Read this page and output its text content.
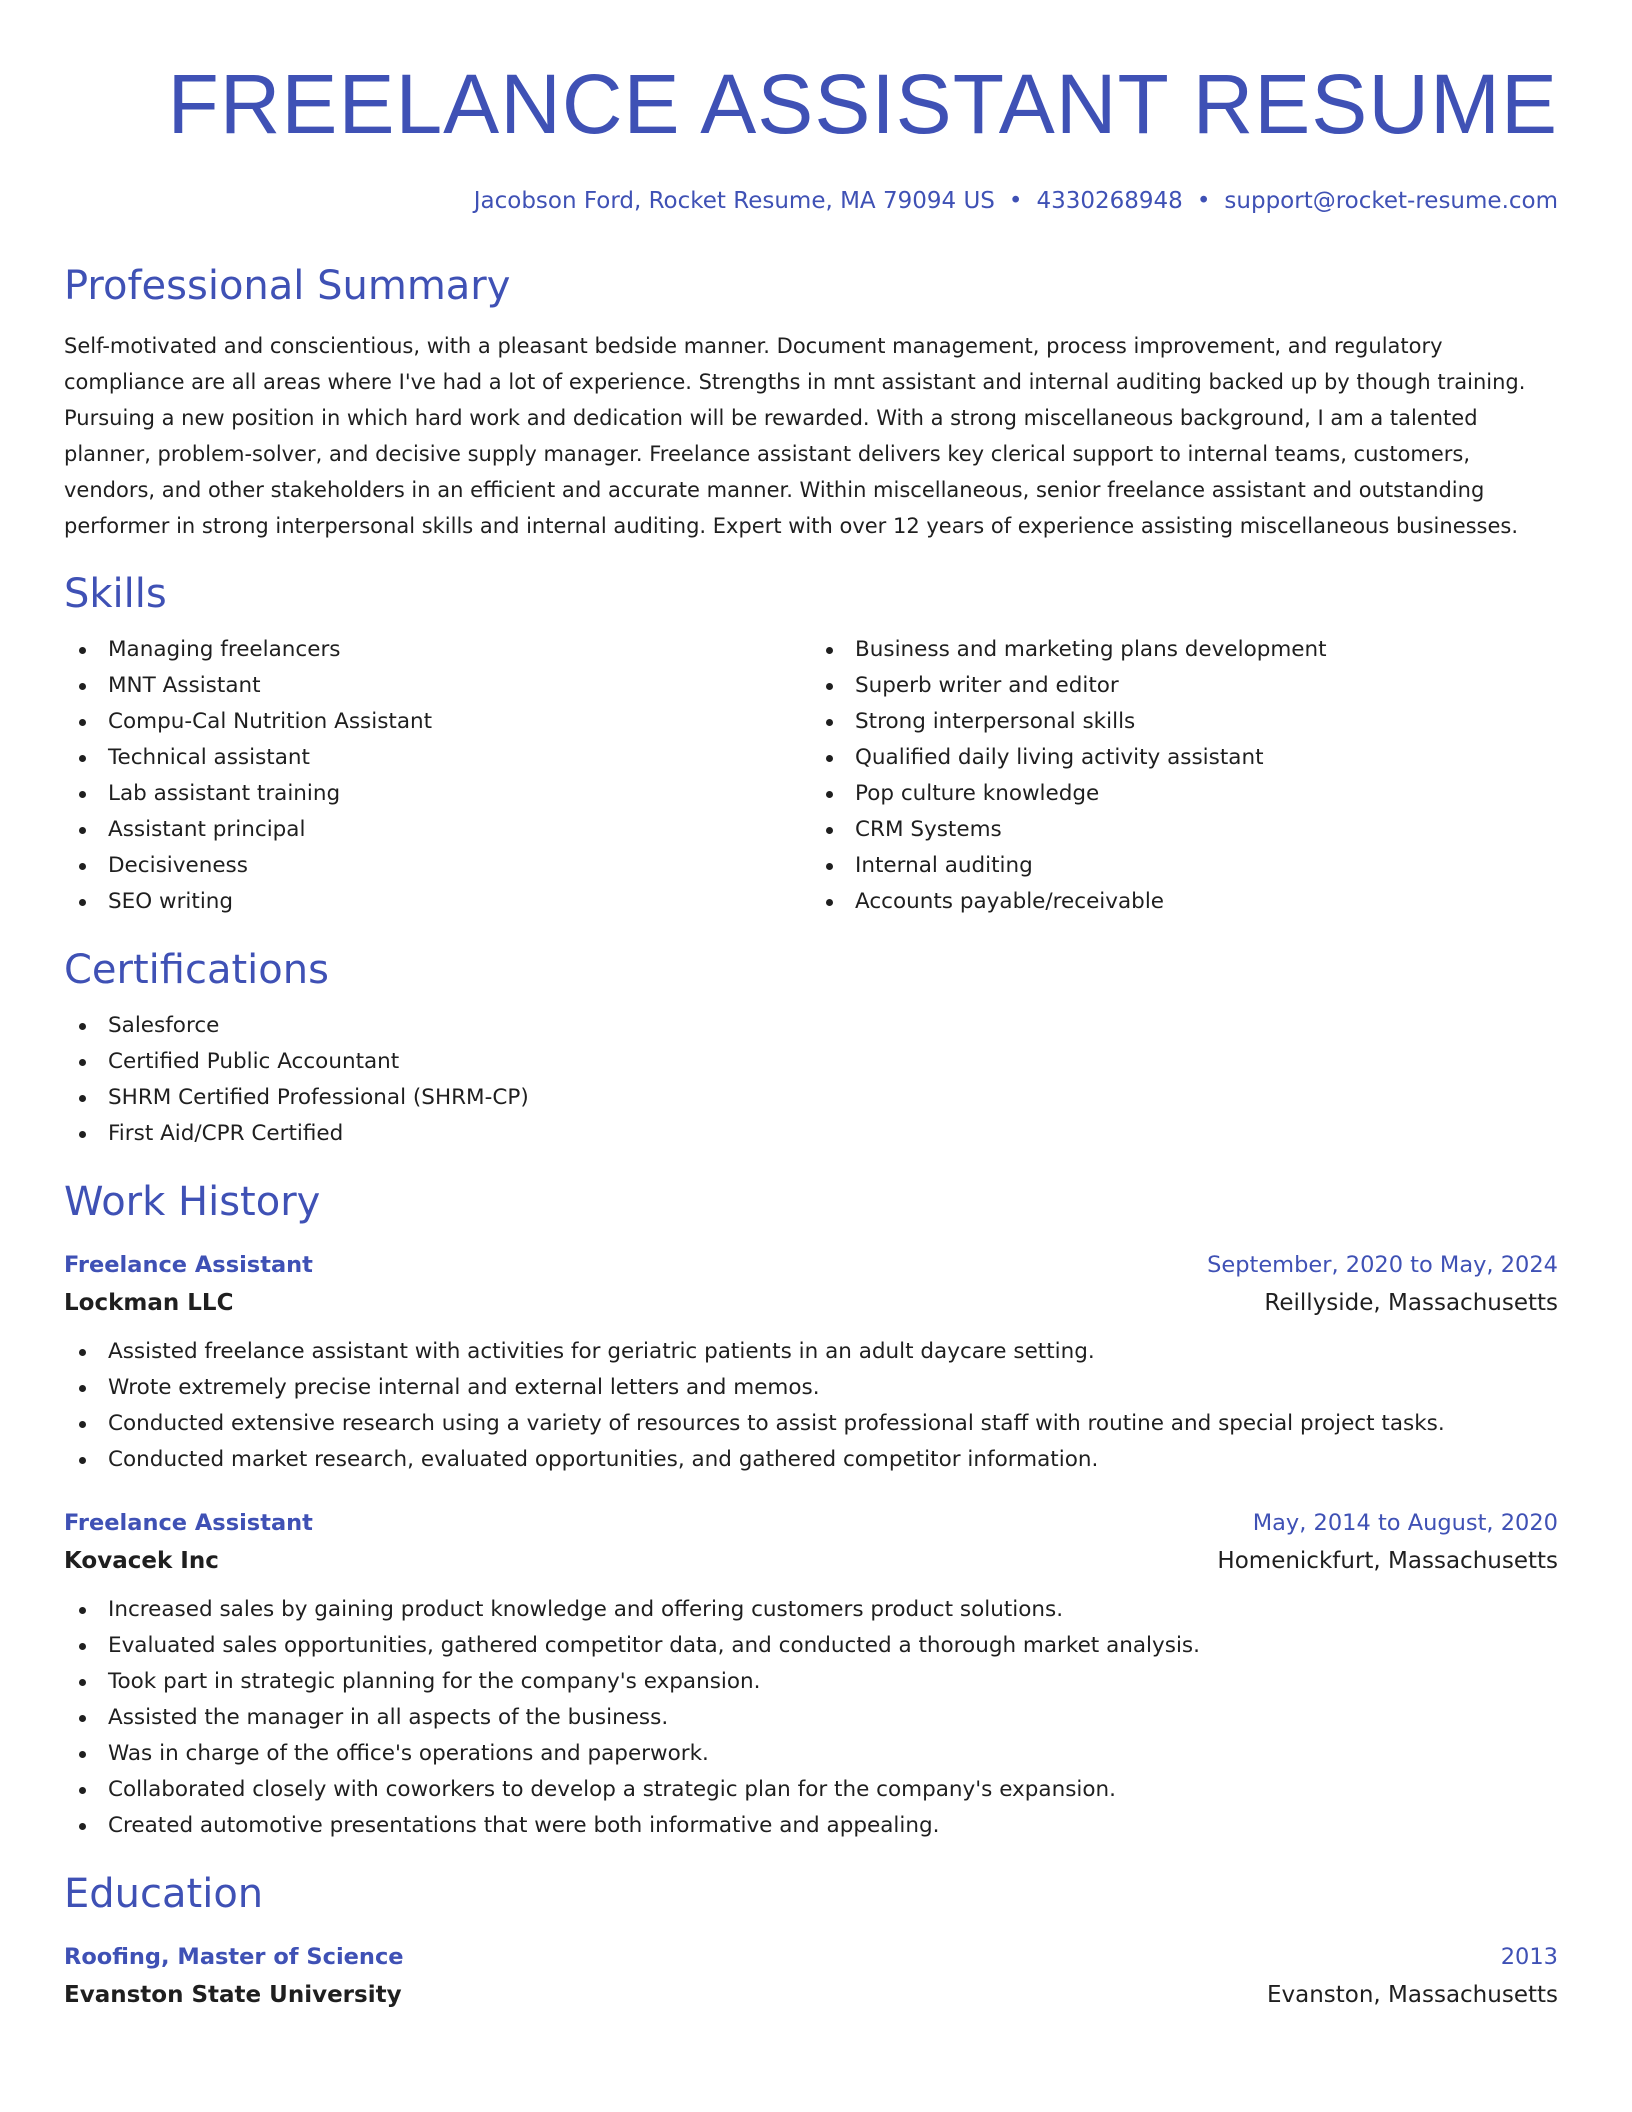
FREELANCE ASSISTANT RESUME
Jacobson Ford, Rocket Resume, MA 79094 US • 4330268948 • support@rocket-resume.com
Professional Summary

Self-motivated and conscientious, with a pleasant bedside manner. Document management, process improvement, and regulatory compliance are all areas where I've had a lot of experience. Strengths in mnt assistant and internal auditing backed up by though training. Pursuing a new position in which hard work and dedication will be rewarded. With a strong miscellaneous background, I am a talented planner, problem-solver, and decisive supply manager. Freelance assistant delivers key clerical support to internal teams, customers, vendors, and other stakeholders in an efficient and accurate manner. Within miscellaneous, senior freelance assistant and outstanding performer in strong interpersonal skills and internal auditing. Expert with over 12 years of experience assisting miscellaneous businesses.

Skills
Managing freelancers
MNT Assistant
Compu-Cal Nutrition Assistant
Technical assistant
Lab assistant training
Assistant principal
Decisiveness
SEO writing
Business and marketing plans development
Superb writer and editor
Strong interpersonal skills
Qualified daily living activity assistant
Pop culture knowledge
CRM Systems
Internal auditing
Accounts payable/receivable
Certifications
Salesforce
Certified Public Accountant
SHRM Certified Professional (SHRM-CP)
First Aid/CPR Certified
Work History
Freelance Assistant	September, 2020 to May, 2024
Lockman LLC	Reillyside, Massachusetts
Assisted freelance assistant with activities for geriatric patients in an adult daycare setting.
Wrote extremely precise internal and external letters and memos.
Conducted extensive research using a variety of resources to assist professional staff with routine and special project tasks.
Conducted market research, evaluated opportunities, and gathered competitor information.
Freelance Assistant	May, 2014 to August, 2020
Kovacek Inc	Homenickfurt, Massachusetts
Increased sales by gaining product knowledge and offering customers product solutions.
Evaluated sales opportunities, gathered competitor data, and conducted a thorough market analysis.
Took part in strategic planning for the company's expansion.
Assisted the manager in all aspects of the business.
Was in charge of the office's operations and paperwork.
Collaborated closely with coworkers to develop a strategic plan for the company's expansion.
Created automotive presentations that were both informative and appealing.
Education
Roofing, Master of Science	2013
Evanston State University	Evanston, Massachusetts
